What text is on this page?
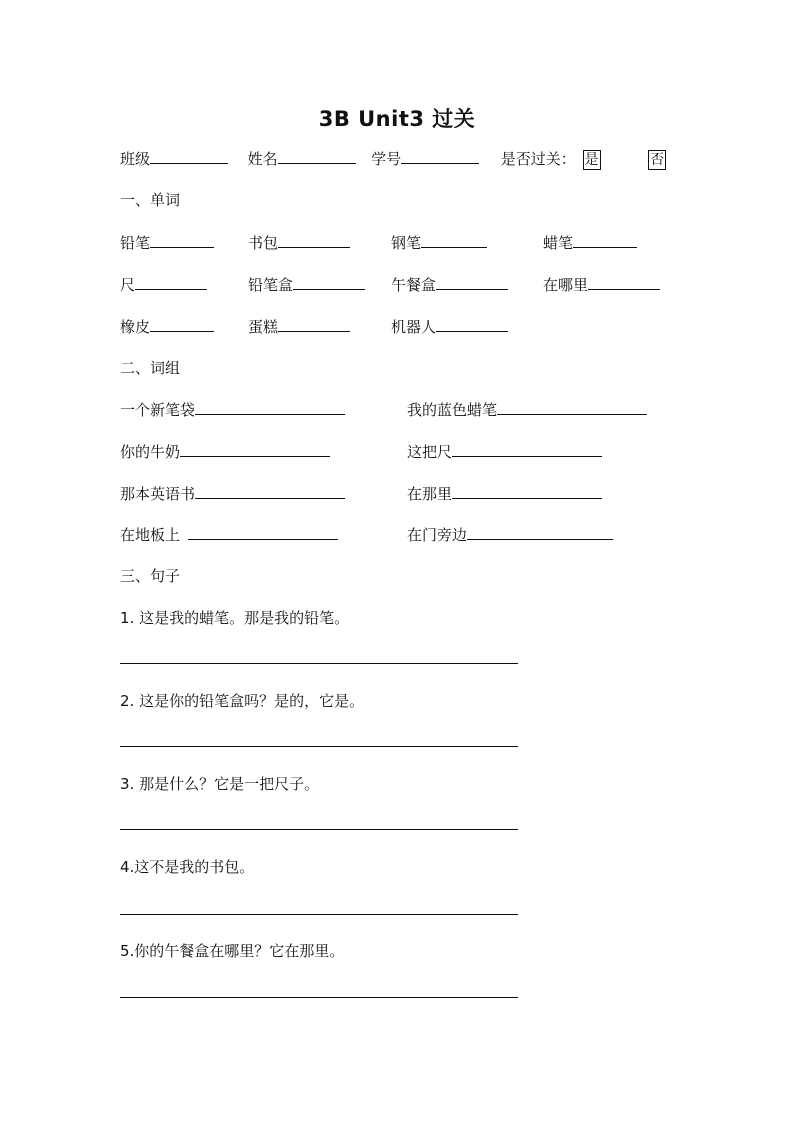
3B Unit3 过关
班级	姓名	学号	是否过关： 是	否
一、单词
铅笔	书包	钢笔	蜡笔
尺	铅笔盒	午餐盒	在哪里
橡皮	蛋糕	机器人
二、词组
一个新笔袋	我的蓝色蜡笔
你的牛奶	这把尺
那本英语书	在那里
在地板上	在门旁边
三、句子
1. 这是我的蜡笔。那是我的铅笔。
2. 这是你的铅笔盒吗？是的，它是。
3. 那是什么？它是一把尺子。
4.这不是我的书包。
5.你的午餐盒在哪里？它在那里。
